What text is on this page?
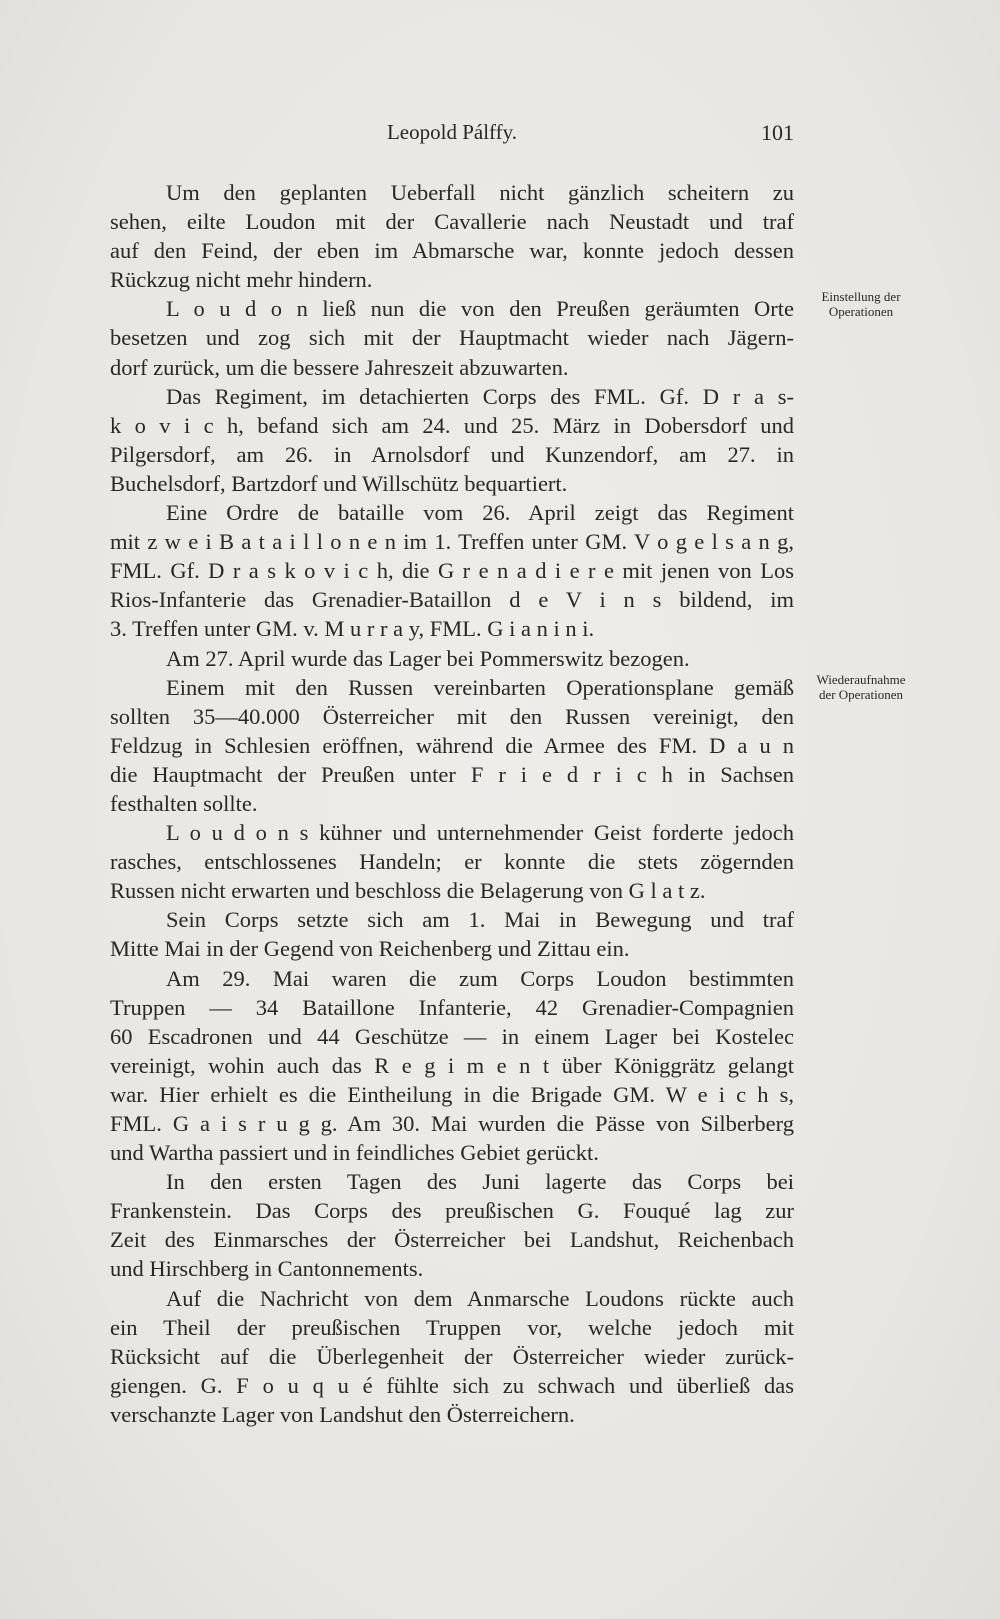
Leopold Pálffy.	101
Einstellung der
Operationen
Wiederaufnahme
der Operationen
Um den geplanten Ueberfall nicht gänzlich scheitern zu
sehen, eilte Loudon mit der Cavallerie nach Neustadt und traf
auf den Feind, der eben im Abmarsche war, konnte jedoch dessen
Rückzug nicht mehr hindern.
L o u d o n ließ nun die von den Preußen geräumten Orte
besetzen und zog sich mit der Hauptmacht wieder nach Jägern-
dorf zurück, um die bessere Jahreszeit abzuwarten.
Das Regiment, im detachierten Corps des FML. Gf. D r a s-
k o v i c h, befand sich am 24. und 25. März in Dobersdorf und
Pilgersdorf, am 26. in Arnolsdorf und Kunzendorf, am 27. in
Buchelsdorf, Bartzdorf und Willschütz bequartiert.
Eine Ordre de bataille vom 26. April zeigt das Regiment
mit z w e i B a t a i l l o n e n im 1. Treffen unter GM. V o g e l s a n g,
FML. Gf. D r a s k o v i c h, die G r e n a d i e r e mit jenen von Los
Rios-Infanterie das Grenadier-Bataillon d e V i n s bildend, im
3. Treffen unter GM. v. M u r r a y, FML. G i a n i n i.
Am 27. April wurde das Lager bei Pommerswitz bezogen.
Einem mit den Russen vereinbarten Operationsplane gemäß
sollten 35—40.000 Österreicher mit den Russen vereinigt, den
Feldzug in Schlesien eröffnen, während die Armee des FM. D a u n
die Hauptmacht der Preußen unter F r i e d r i c h in Sachsen
festhalten sollte.
L o u d o n s kühner und unternehmender Geist forderte jedoch
rasches, entschlossenes Handeln; er konnte die stets zögernden
Russen nicht erwarten und beschloss die Belagerung von G l a t z.
Sein Corps setzte sich am 1. Mai in Bewegung und traf
Mitte Mai in der Gegend von Reichenberg und Zittau ein.
Am 29. Mai waren die zum Corps Loudon bestimmten
Truppen — 34 Bataillone Infanterie, 42 Grenadier-Compagnien
60 Escadronen und 44 Geschütze — in einem Lager bei Kostelec
vereinigt, wohin auch das R e g i m e n t über Königgrätz gelangt
war. Hier erhielt es die Eintheilung in die Brigade GM. W e i c h s,
FML. G a i s r u g g. Am 30. Mai wurden die Pässe von Silberberg
und Wartha passiert und in feindliches Gebiet gerückt.
In den ersten Tagen des Juni lagerte das Corps bei
Frankenstein. Das Corps des preußischen G. Fouqué lag zur
Zeit des Einmarsches der Österreicher bei Landshut, Reichenbach
und Hirschberg in Cantonnements.
Auf die Nachricht von dem Anmarsche Loudons rückte auch
ein Theil der preußischen Truppen vor, welche jedoch mit
Rücksicht auf die Überlegenheit der Österreicher wieder zurück-
giengen. G. F o u q u é fühlte sich zu schwach und überließ das
verschanzte Lager von Landshut den Österreichern.
